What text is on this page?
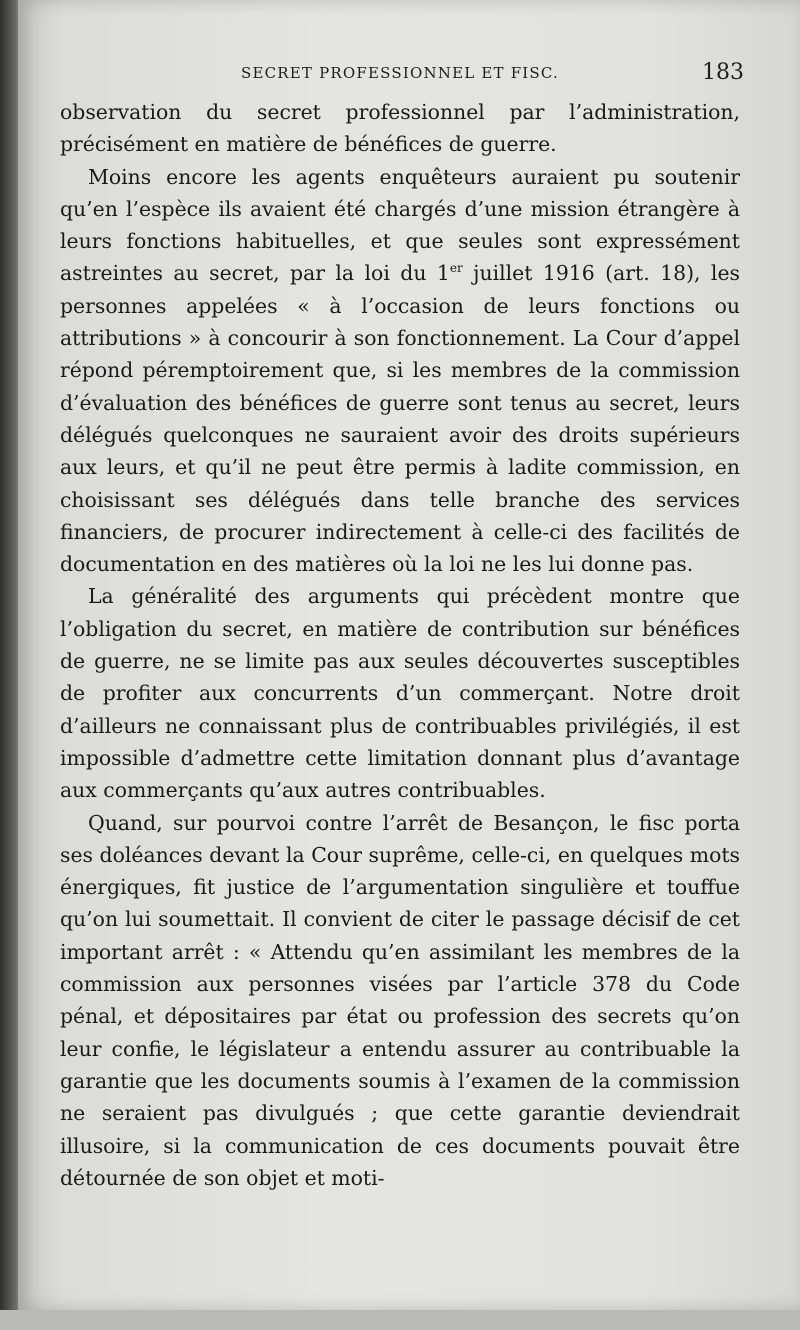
SECRET PROFESSIONNEL ET FISC.	183

observation du secret professionnel par l’administration, précisément en matière de bénéfices de guerre.

Moins encore les agents enquêteurs auraient pu soutenir qu’en l’espèce ils avaient été chargés d’une mission étrangère à leurs fonctions habituelles, et que seules sont expressément astreintes au secret, par la loi du 1er juillet 1916 (art. 18), les personnes appelées « à l’occasion de leurs fonctions ou attributions » à concourir à son fonctionnement. La Cour d’appel répond péremptoirement que, si les membres de la commission d’évaluation des bénéfices de guerre sont tenus au secret, leurs délégués quelconques ne sauraient avoir des droits supérieurs aux leurs, et qu’il ne peut être permis à ladite commission, en choisissant ses délégués dans telle branche des services financiers, de procurer indirectement à celle-ci des facilités de documentation en des matières où la loi ne les lui donne pas.

La généralité des arguments qui précèdent montre que l’obligation du secret, en matière de contribution sur bénéfices de guerre, ne se limite pas aux seules découvertes susceptibles de profiter aux concurrents d’un commerçant. Notre droit d’ailleurs ne connaissant plus de contribuables privilégiés, il est impossible d’admettre cette limitation donnant plus d’avantage aux commerçants qu’aux autres contribuables.

Quand, sur pourvoi contre l’arrêt de Besançon, le fisc porta ses doléances devant la Cour suprême, celle-ci, en quelques mots énergiques, fit justice de l’argumentation singulière et touffue qu’on lui soumettait. Il convient de citer le passage décisif de cet important arrêt : « Attendu qu’en assimilant les membres de la commission aux personnes visées par l’article 378 du Code pénal, et dépositaires par état ou profession des secrets qu’on leur confie, le législateur a entendu assurer au contribuable la garantie que les documents soumis à l’examen de la commission ne seraient pas divulgués ; que cette garantie deviendrait illusoire, si la communication de ces documents pouvait être détournée de son objet et moti-
